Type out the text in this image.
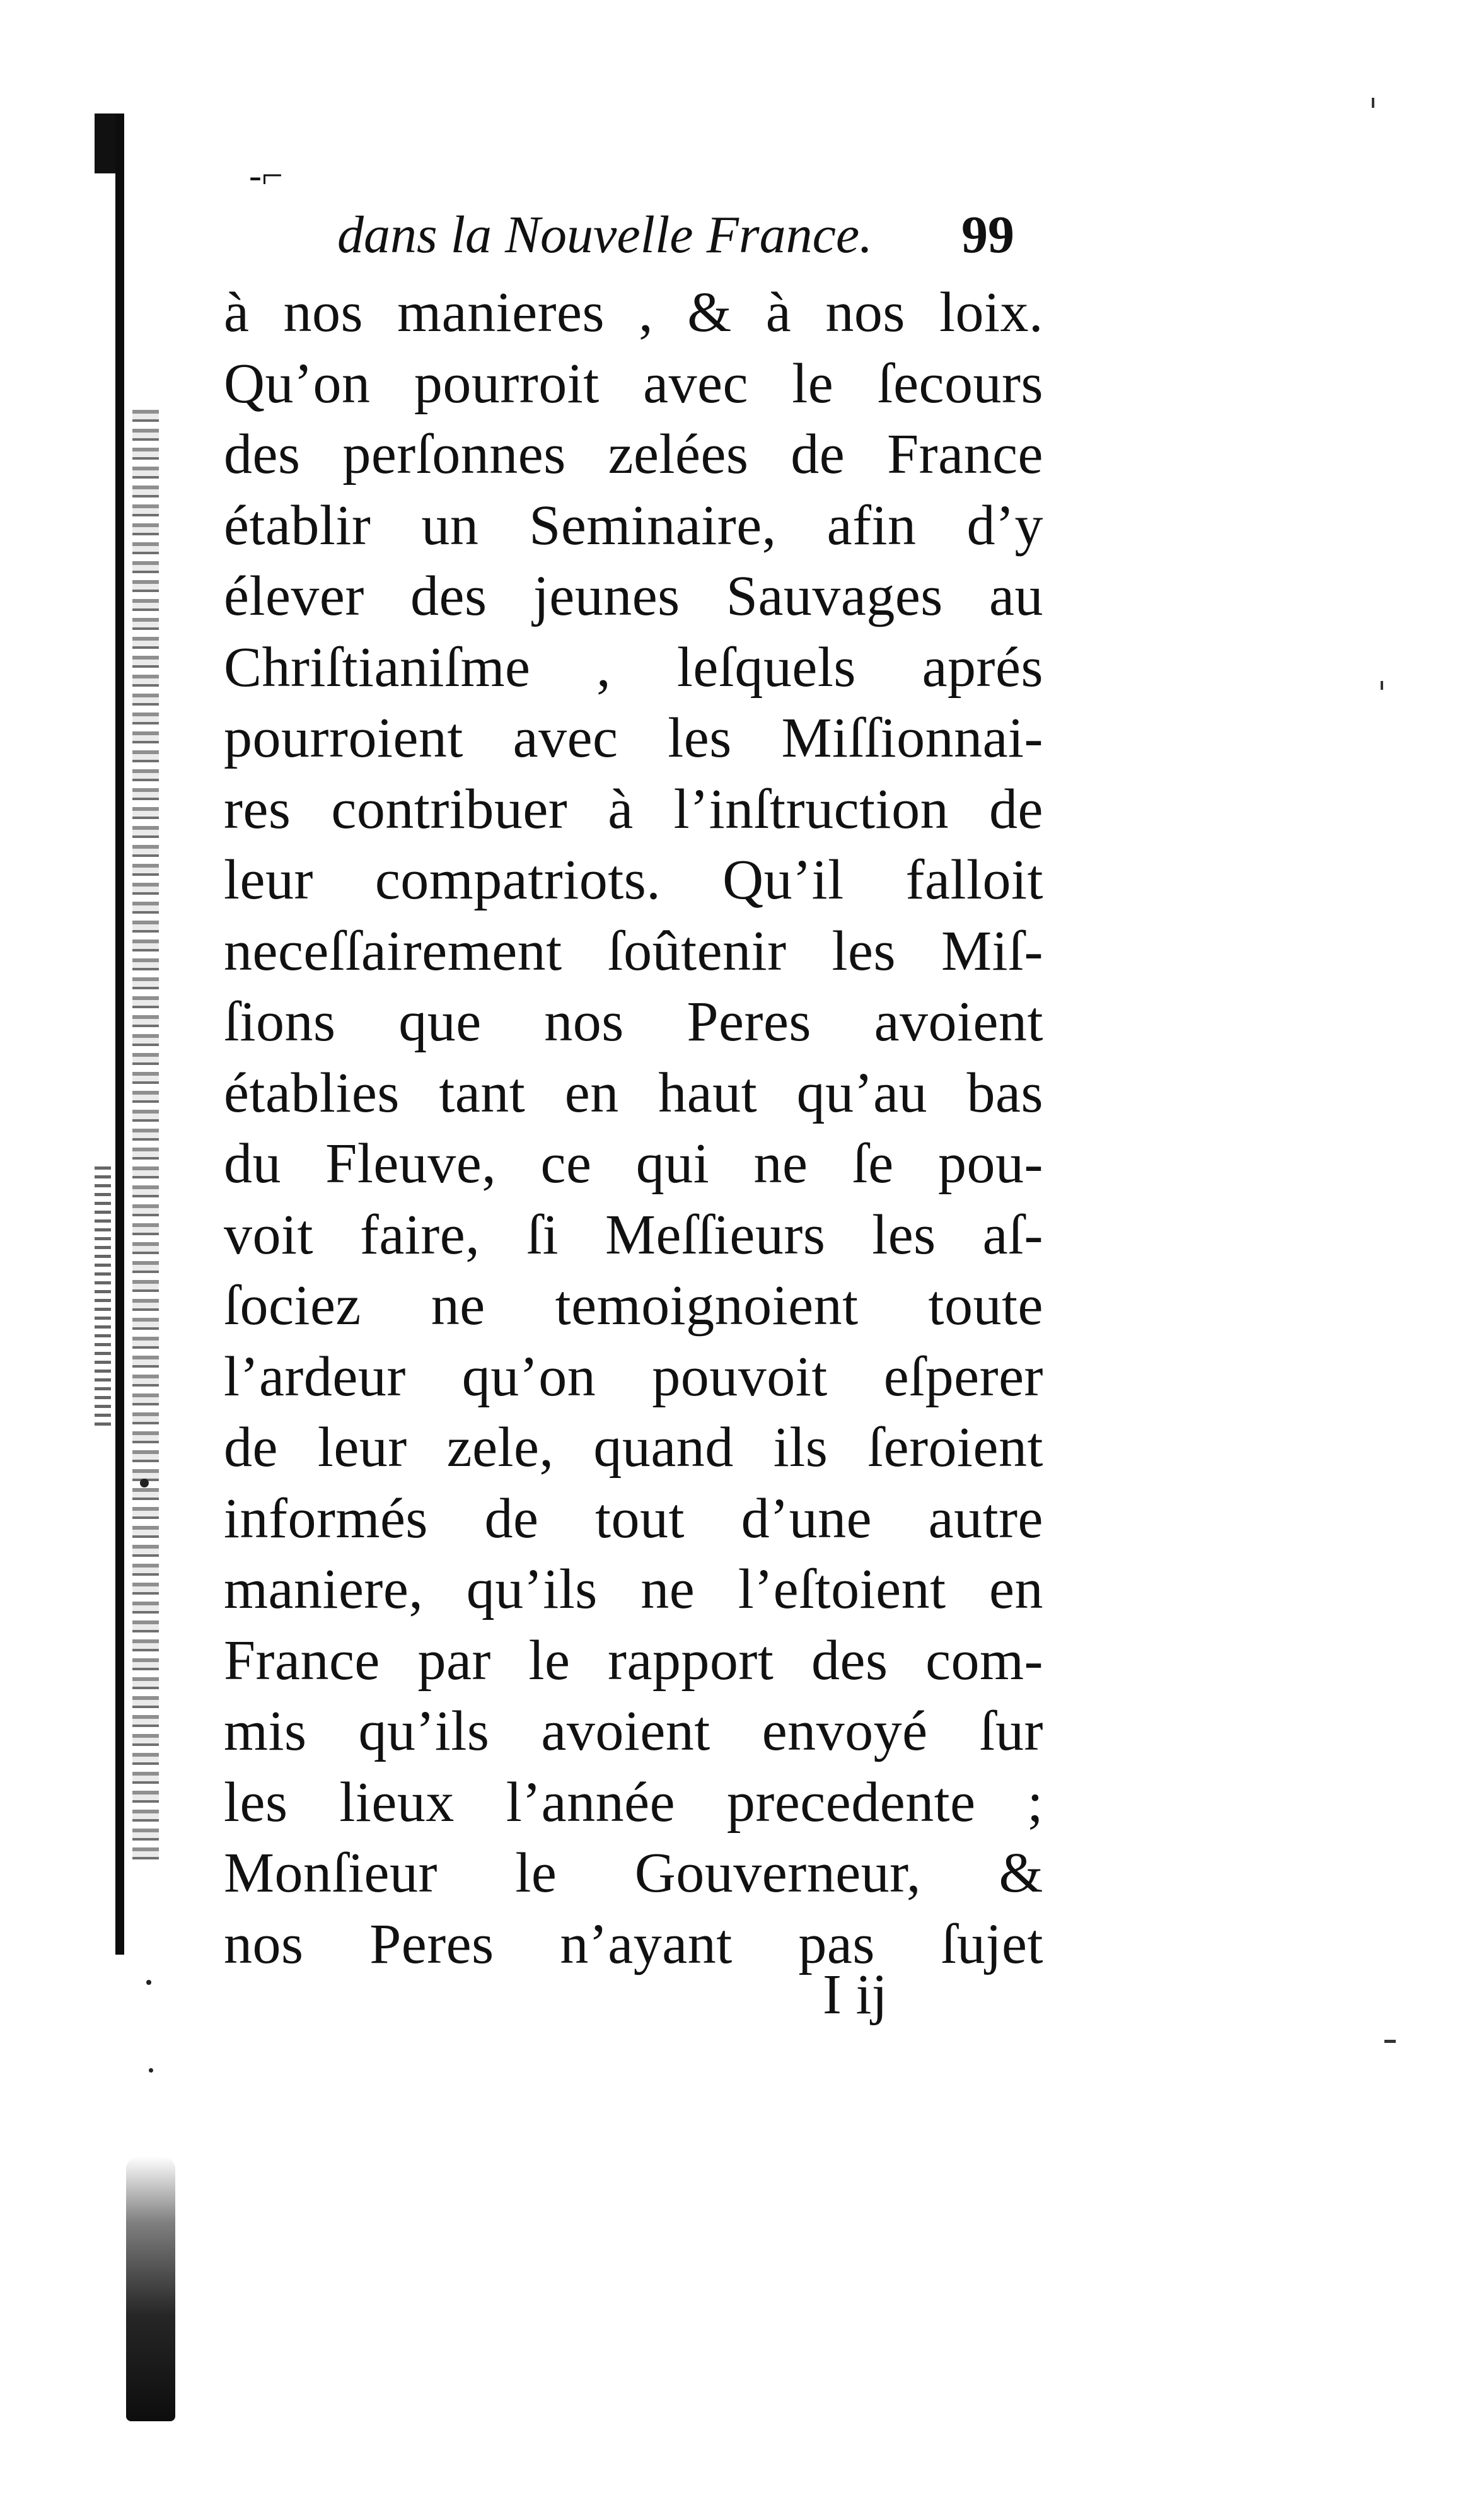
‑⌐
dans la Nouvelle France.	99
à nos manieres , & à nos loix.
Qu’on pourroit avec le ſecours
des perſonnes zelées de France
établir un Seminaire, afin d’y
élever des jeunes Sauvages au
Chriſtianiſme , leſquels aprés
pourroient avec les Miſſionnai-
res contribuer à l’inſtruction de
leur compatriots. Qu’il falloit
neceſſairement ſoûtenir les Miſ-
ſions que nos Peres avoient
établies tant en haut qu’au bas
du Fleuve, ce qui ne ſe pou-
voit faire, ſi Meſſieurs les aſ-
ſociez ne temoignoient toute
l’ardeur qu’on pouvoit eſperer
de leur zele, quand ils ſeroient
informés de tout d’une autre
maniere, qu’ils ne l’eſtoient en
France par le rapport des com-
mis qu’ils avoient envoyé ſur
les lieux l’année precedente ;
Monſieur le Gouverneur, &
nos Peres n’ayant pas ſujet
I ij
